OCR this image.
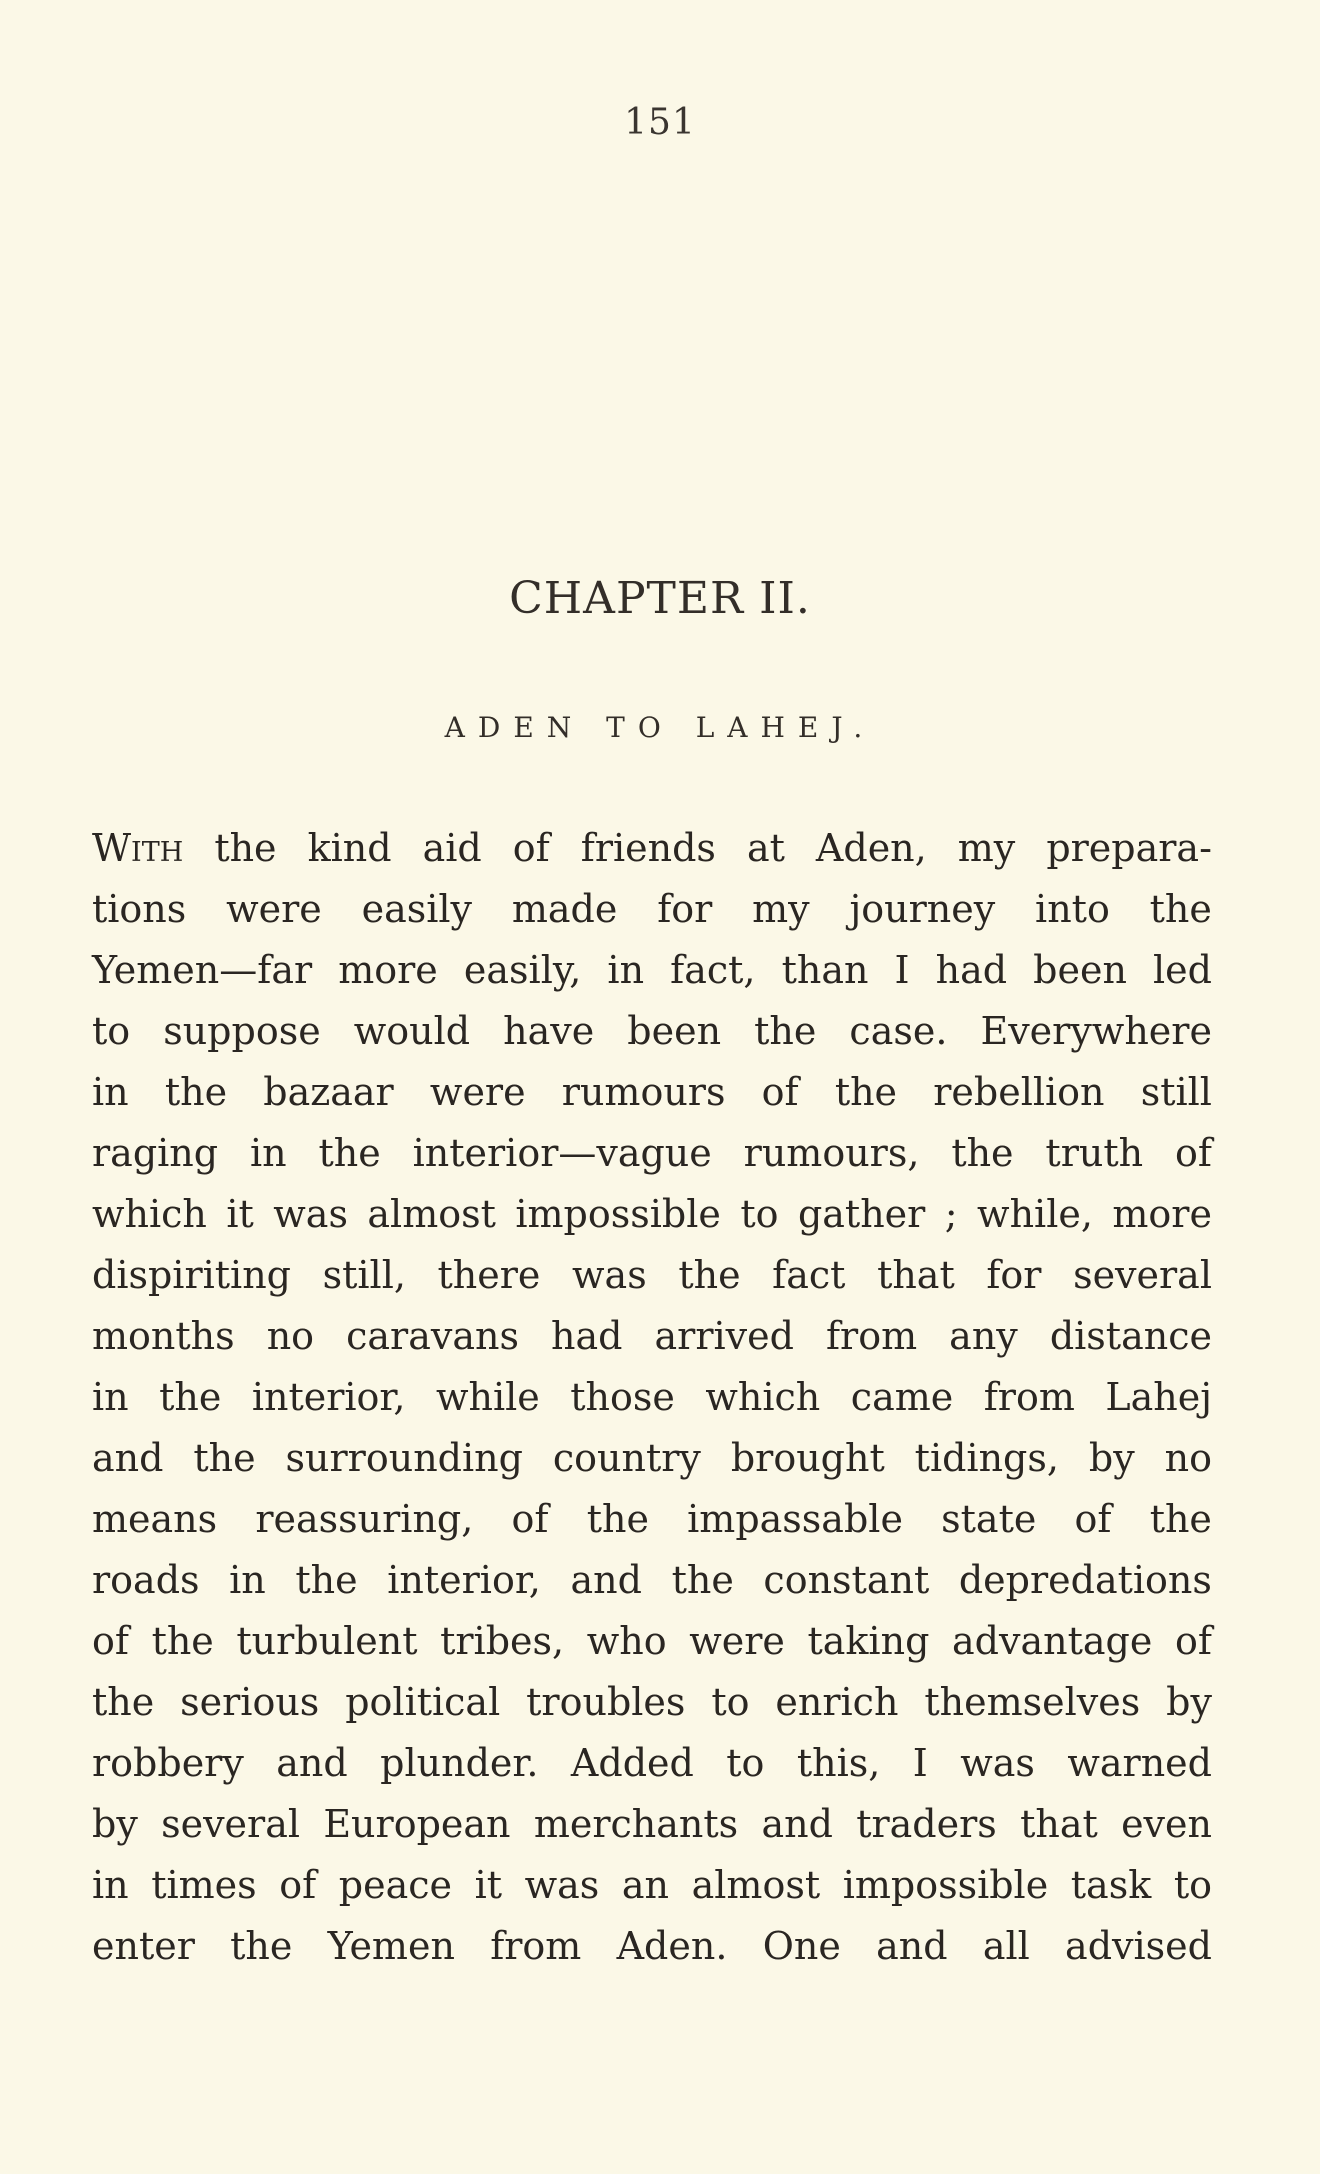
151
CHAPTER II.
ADEN TO LAHEJ.
With the kind aid of friends at Aden, my prepara-
tions were easily made for my journey into the
Yemen—far more easily, in fact, than I had been led
to suppose would have been the case. Everywhere
in the bazaar were rumours of the rebellion still
raging in the interior—vague rumours, the truth of
which it was almost impossible to gather ; while, more
dispiriting still, there was the fact that for several
months no caravans had arrived from any distance
in the interior, while those which came from Lahej
and the surrounding country brought tidings, by no
means reassuring, of the impassable state of the
roads in the interior, and the constant depredations
of the turbulent tribes, who were taking advantage of
the serious political troubles to enrich themselves by
robbery and plunder. Added to this, I was warned
by several European merchants and traders that even
in times of peace it was an almost impossible task to
enter the Yemen from Aden. One and all advised
